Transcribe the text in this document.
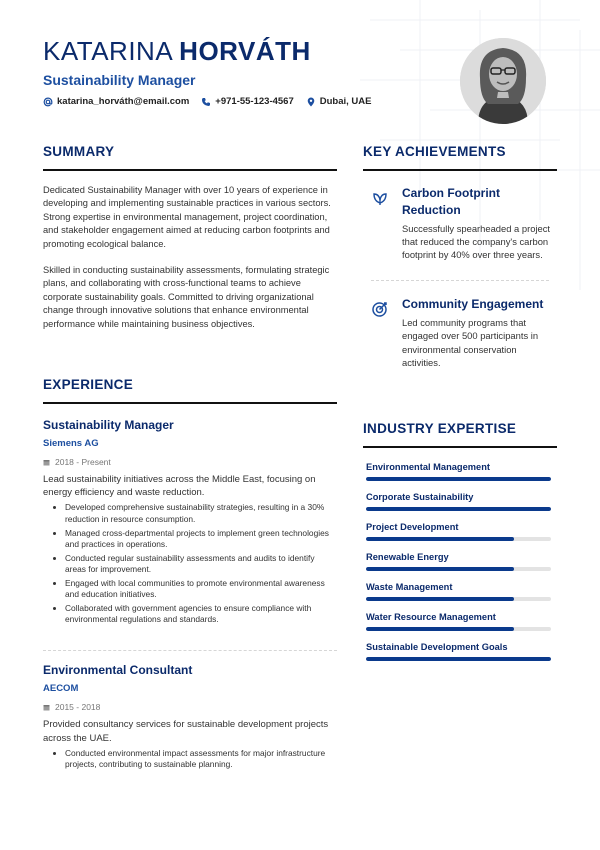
KATARINA HORVÁTH
Sustainability Manager
katarina_horváth@email.com	+971-55-123-4567	Dubai, UAE
SUMMARY

Dedicated Sustainability Manager with over 10 years of experience in developing and implementing sustainable practices in various sectors. Strong expertise in environmental management, project coordination, and stakeholder engagement aimed at reducing carbon footprints and promoting ecological balance.

Skilled in conducting sustainability assessments, formulating strategic plans, and collaborating with cross-functional teams to achieve corporate sustainability goals. Committed to driving organizational change through innovative solutions that enhance environmental performance while maintaining business objectives.

EXPERIENCE
Sustainability Manager
Siemens AG
2018 - Present
Lead sustainability initiatives across the Middle East, focusing on energy efficiency and waste reduction.
• Developed comprehensive sustainability strategies, resulting in a 30% reduction in resource consumption.
• Managed cross-departmental projects to implement green technologies and practices in operations.
• Conducted regular sustainability assessments and audits to identify areas for improvement.
• Engaged with local communities to promote environmental awareness and education initiatives.
• Collaborated with government agencies to ensure compliance with environmental regulations and standards.
Environmental Consultant
AECOM
2015 - 2018
Provided consultancy services for sustainable development projects across the UAE.
• Conducted environmental impact assessments for major infrastructure projects, contributing to sustainable planning.
KEY ACHIEVEMENTS
Carbon Footprint Reduction
Successfully spearheaded a project that reduced the company's carbon footprint by 40% over three years.
Community Engagement
Led community programs that engaged over 500 participants in environmental conservation activities.
INDUSTRY EXPERTISE
Environmental Management
Corporate Sustainability
Project Development
Renewable Energy
Waste Management
Water Resource Management
Sustainable Development Goals
